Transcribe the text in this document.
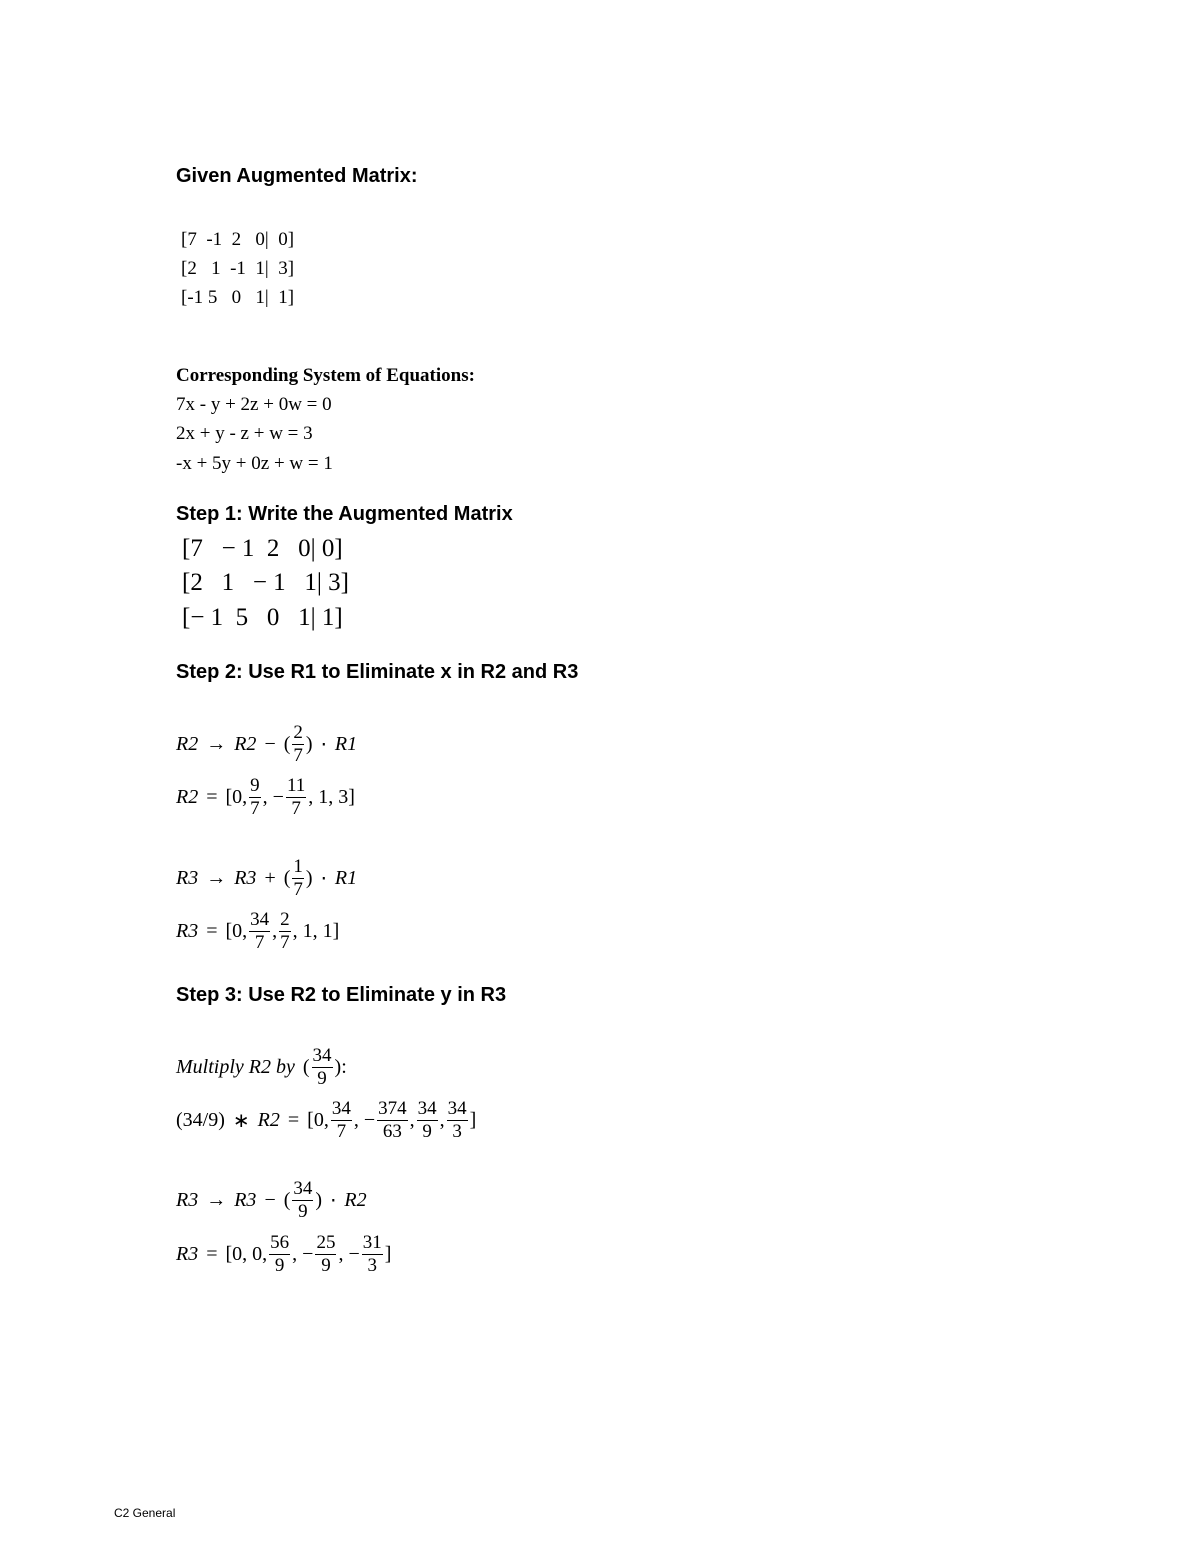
Given Augmented Matrix:
[7  -1  2   0|  0]
[2   1  -1  1|  3]
[-1 5   0   1|  1]
Corresponding System of Equations:
7x - y + 2z + 0w = 0
2x + y - z + w = 3
-x + 5y + 0z + w = 1
Step 1: Write the Augmented Matrix
[7   − 1  2   0| 0]
[2   1   − 1   1| 3]
[− 1  5   0   1| 1]
Step 2: Use R1 to Eliminate x in R2 and R3
R2 → R2 − ( $\frac{2}{7}$ ) ⋅ R1
R2 = [0, $\frac{9}{7}$ , − $\frac{11}{7}$ , 1, 3]
R3 → R3 + ( $\frac{1}{7}$ ) ⋅ R1
R3 = [0, $\frac{34}{7}$ , $\frac{2}{7}$ , 1, 1]
Step 3: Use R2 to Eliminate y in R3
Multiply R2 by ( $\frac{34}{9}$ ):
(34/9) ∗ R2 = [0, $\frac{34}{7}$ , − $\frac{374}{63}$ , $\frac{34}{9}$ , $\frac{34}{3}$ ]
R3 → R3 − ( $\frac{34}{9}$ ) ⋅ R2
R3 = [0, 0, $\frac{56}{9}$ , − $\frac{25}{9}$ , − $\frac{31}{3}$ ]
C2 General
